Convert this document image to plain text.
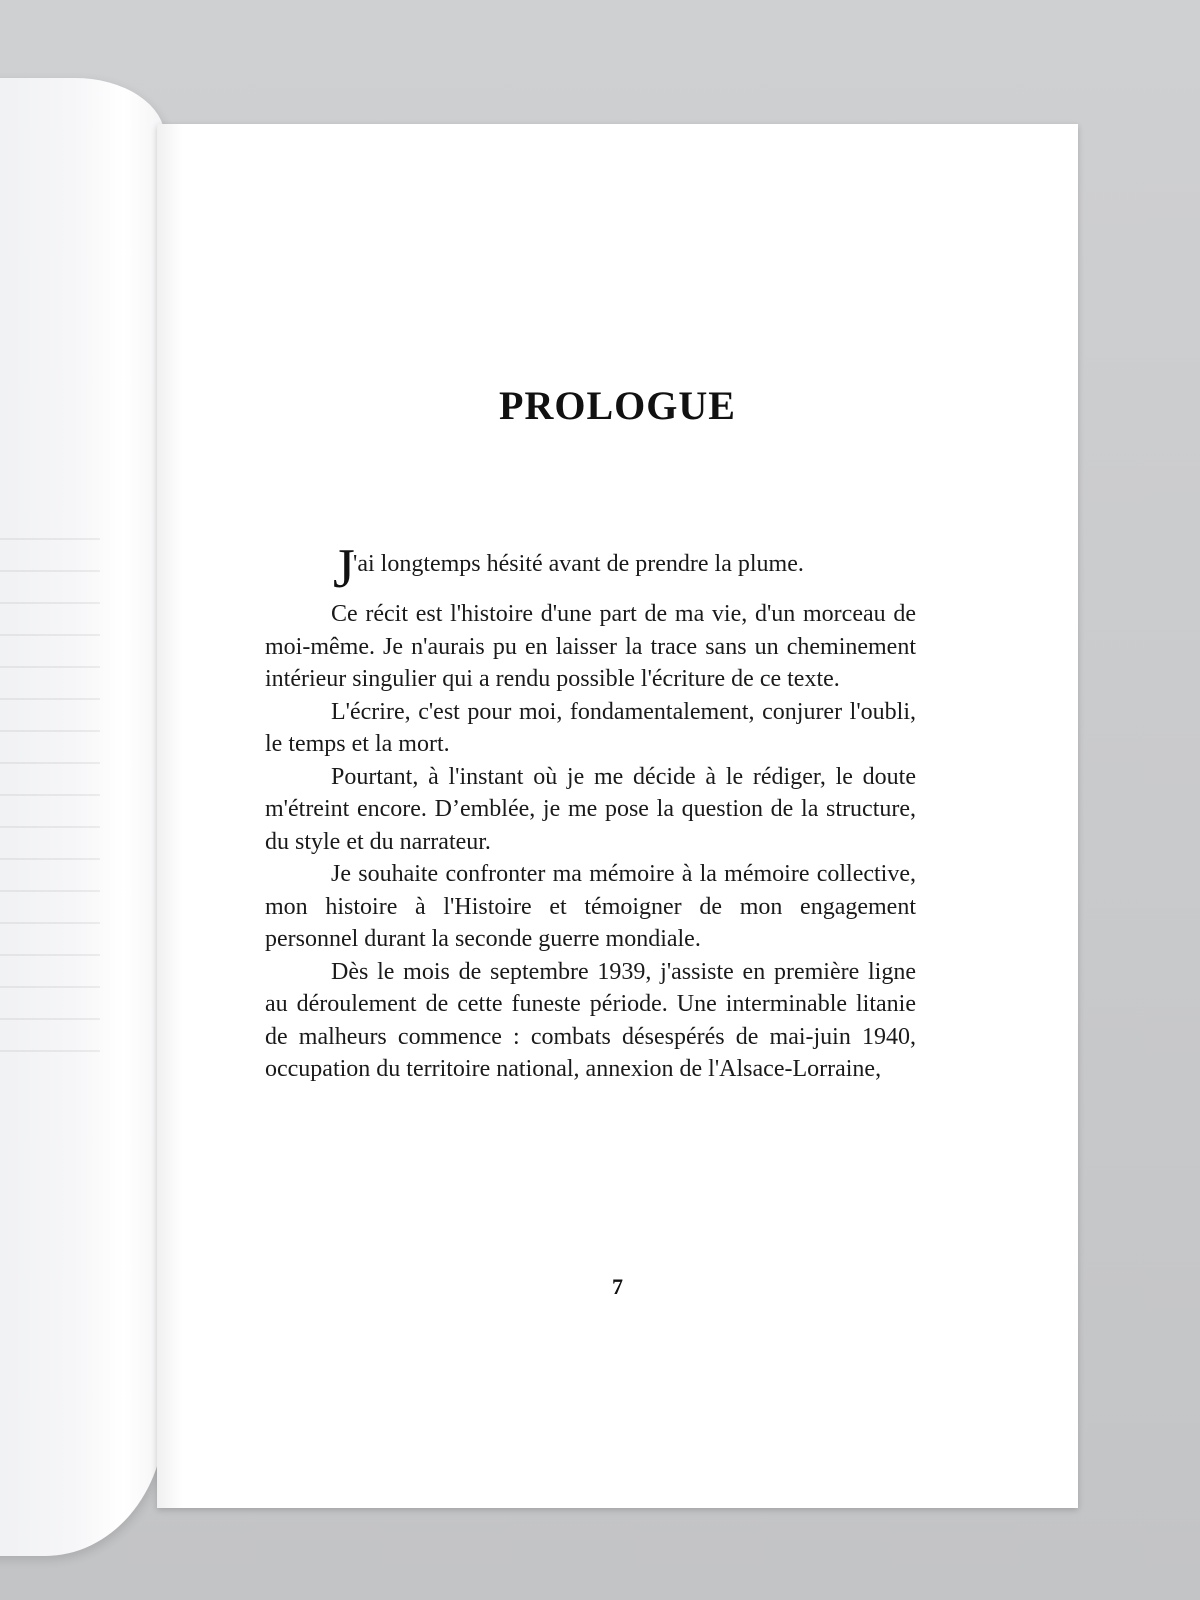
PROLOGUE

J
'ai longtemps hésité avant de prendre la plume.

Ce récit est l'histoire d'une part de ma vie, d'un morceau de moi-même. Je n'aurais pu en laisser la trace sans un cheminement intérieur singulier qui a rendu possible l'écriture de ce texte.

L'écrire, c'est pour moi, fondamentalement, conjurer l'oubli, le temps et la mort.

Pourtant, à l'instant où je me décide à le rédiger, le doute m'étreint encore. D’emblée, je me pose la question de la structure, du style et du narrateur.

Je souhaite confronter ma mémoire à la mémoire collective, mon histoire à l'Histoire et témoigner de mon engagement personnel durant la seconde guerre mondiale.

Dès le mois de septembre 1939, j'assiste en première ligne au déroulement de cette funeste période. Une interminable litanie de malheurs commence : combats désespérés de mai-juin 1940, occupation du territoire national, annexion de l'Alsace-Lorraine,

7
